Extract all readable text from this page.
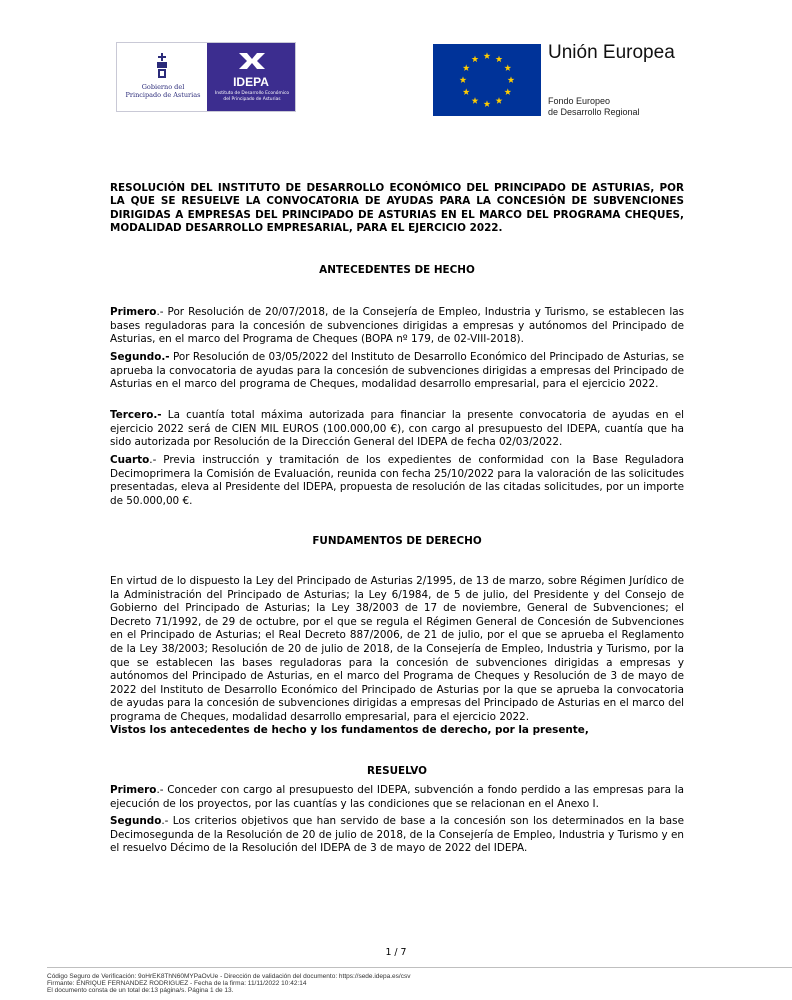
Gobierno del
Principado de Asturias
IDEPA
Instituto de Desarrollo Económico
del Principado de Asturias
Unión Europea
Fondo Europeo
de Desarrollo Regional
RESOLUCIÓN DEL INSTITUTO DE DESARROLLO ECONÓMICO DEL PRINCIPADO DE ASTURIAS, POR LA QUE SE RESUELVE LA CONVOCATORIA DE AYUDAS PARA LA CONCESIÓN DE SUBVENCIONES DIRIGIDAS A EMPRESAS DEL PRINCIPADO DE ASTURIAS EN EL MARCO DEL PROGRAMA CHEQUES, MODALIDAD DESARROLLO EMPRESARIAL, PARA EL EJERCICIO 2022.
ANTECEDENTES DE HECHO
Primero.- Por Resolución de 20/07/2018, de la Consejería de Empleo, Industria y Turismo, se establecen las bases reguladoras para la concesión de subvenciones dirigidas a empresas y autónomos del Principado de Asturias, en el marco del Programa de Cheques (BOPA nº 179, de 02-VIII-2018).
Segundo.- Por Resolución de 03/05/2022 del Instituto de Desarrollo Económico del Principado de Asturias, se aprueba la convocatoria de ayudas para la concesión de subvenciones dirigidas a empresas del Principado de Asturias en el marco del programa de Cheques, modalidad desarrollo empresarial, para el ejercicio 2022.
Tercero.- La cuantía total máxima autorizada para financiar la presente convocatoria de ayudas en el ejercicio 2022 será de CIEN MIL EUROS (100.000,00 €), con cargo al presupuesto del IDEPA, cuantía que ha sido autorizada por Resolución de la Dirección General del IDEPA de fecha 02/03/2022.
Cuarto.- Previa instrucción y tramitación de los expedientes de conformidad con la Base Reguladora Decimoprimera la Comisión de Evaluación, reunida con fecha 25/10/2022 para la valoración de las solicitudes presentadas, eleva al Presidente del IDEPA, propuesta de resolución de las citadas solicitudes, por un importe de 50.000,00 €.
FUNDAMENTOS DE DERECHO
En virtud de lo dispuesto la Ley del Principado de Asturias 2/1995, de 13 de marzo, sobre Régimen Jurídico de la Administración del Principado de Asturias; la Ley 6/1984, de 5 de julio, del Presidente y del Consejo de Gobierno del Principado de Asturias; la Ley 38/2003 de 17 de noviembre, General de Subvenciones; el Decreto 71/1992, de 29 de octubre, por el que se regula el Régimen General de Concesión de Subvenciones en el Principado de Asturias; el Real Decreto 887/2006, de 21 de julio, por el que se aprueba el Reglamento de la Ley 38/2003; Resolución de 20 de julio de 2018, de la Consejería de Empleo, Industria y Turismo, por la que se establecen las bases reguladoras para la concesión de subvenciones dirigidas a empresas y autónomos del Principado de Asturias, en el marco del Programa de Cheques y Resolución de 3 de mayo de 2022 del Instituto de Desarrollo Económico del Principado de Asturias por la que se aprueba la convocatoria de ayudas para la concesión de subvenciones dirigidas a empresas del Principado de Asturias en el marco del programa de Cheques, modalidad desarrollo empresarial, para el ejercicio 2022.
Vistos los antecedentes de hecho y los fundamentos de derecho, por la presente,
RESUELVO
Primero.- Conceder con cargo al presupuesto del IDEPA, subvención a fondo perdido a las empresas para la ejecución de los proyectos, por las cuantías y las condiciones que se relacionan en el Anexo I.
Segundo.- Los criterios objetivos que han servido de base a la concesión son los determinados en la base Decimosegunda de la Resolución de 20 de julio de 2018, de la Consejería de Empleo, Industria y Turismo y en el resuelvo Décimo de la Resolución del IDEPA de 3 de mayo de 2022 del IDEPA.
1 / 7
Código Seguro de Verificación: 9oHrEK8ThN60MYPaOvUe - Dirección de validación del documento: https://sede.idepa.es/csv
Firmante: ENRIQUE FERNANDEZ RODRIGUEZ - Fecha de la firma: 11/11/2022 10:42:14
El documento consta de un total de:13 página/s. Página 1 de 13.
